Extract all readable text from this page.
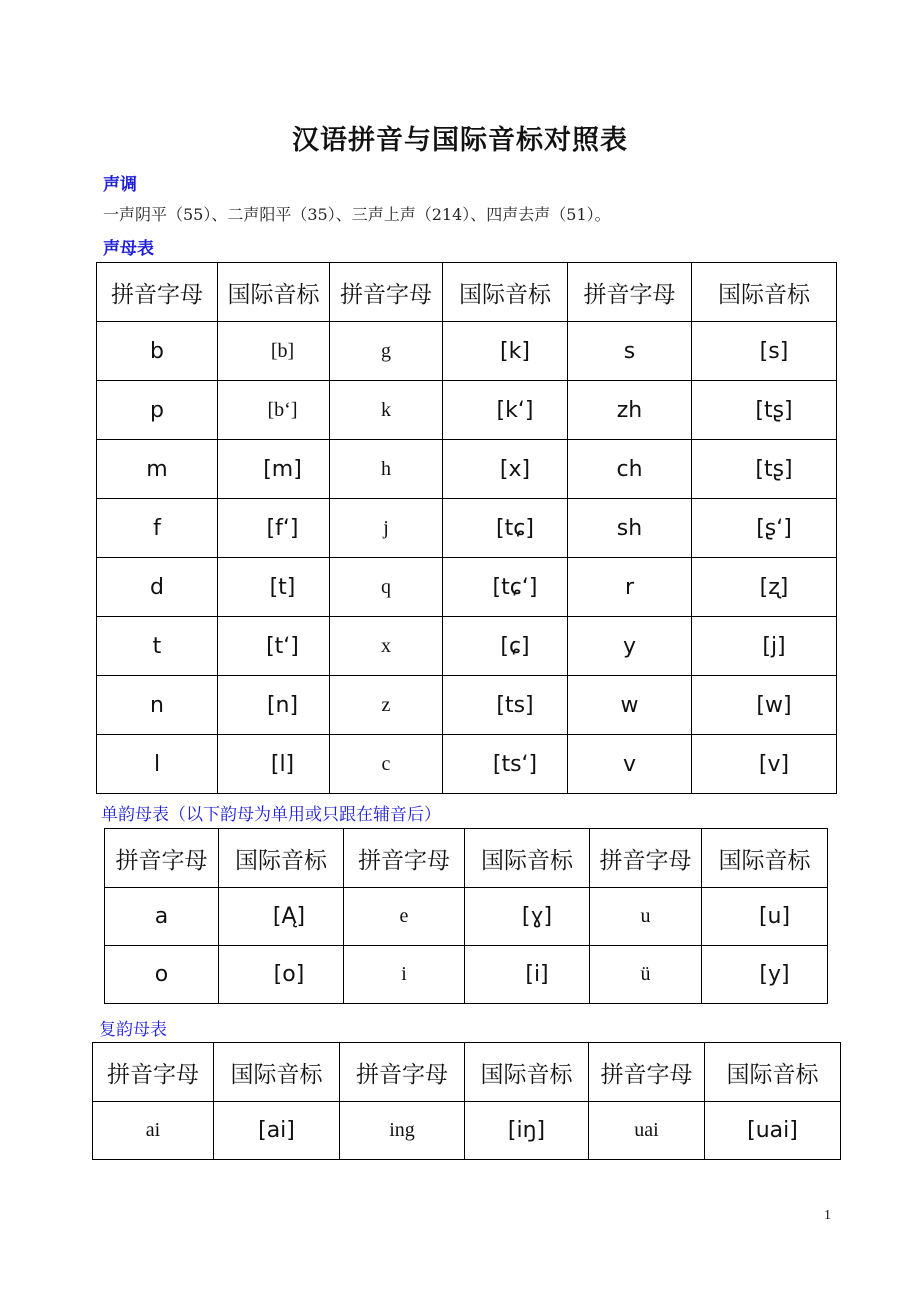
汉语拼音与国际音标对照表
声调
一声阴平（55）、二声阳平（35）、三声上声（214）、四声去声（51）。
声母表
拼音字母	国际音标	拼音字母	国际音标	拼音字母	国际音标
b	[b]	g	[k]	s	[s]
p	[b‘]	k	[k‘]	zh	[tʂ]
m	[m]	h	[x]	ch	[tʂ]
f	[f‘]	j	[tɕ]	sh	[ʂ‘]
d	[t]	q	[tɕ‘]	r	[ʐ]
t	[t‘]	x	[ɕ]	y	[j]
n	[n]	z	[ts]	w	[w]
l	[l]	c	[ts‘]	v	[v]
单韵母表（以下韵母为单用或只跟在辅音后）
拼音字母	国际音标	拼音字母	国际音标	拼音字母	国际音标
a	[Ą]	e	[ɣ]	u	[u]
o	[o]	i	[i]	ü	[y]
复韵母表
拼音字母	国际音标	拼音字母	国际音标	拼音字母	国际音标
ai	[ai]	ing	[iŋ]	uai	[uai]
1
